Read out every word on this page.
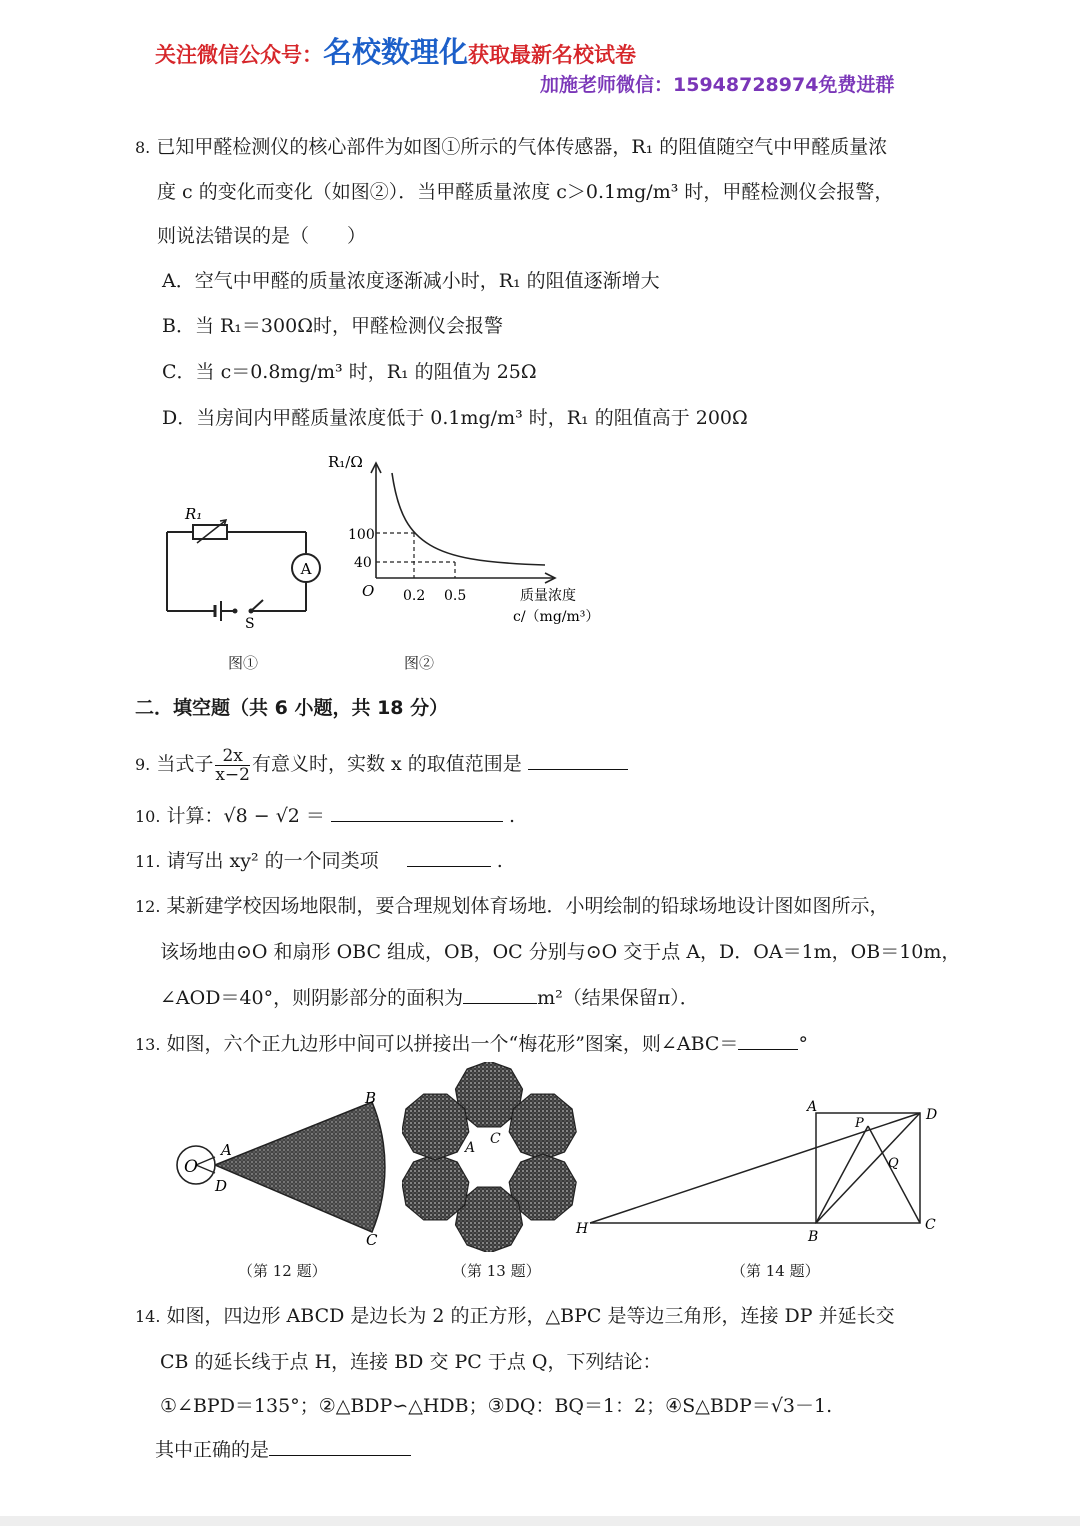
关注微信公众号：名校数理化获取最新名校试卷
加施老师微信：15948728974免费进群
8. 已知甲醛检测仪的核心部件为如图①所示的气体传感器，R₁ 的阻值随空气中甲醛质量浓
度 c 的变化而变化（如图②）．当甲醛质量浓度 c＞0.1mg/m³ 时，甲醛检测仪会报警，
则说法错误的是（　　）
A．空气中甲醛的质量浓度逐渐减小时，R₁ 的阻值逐渐增大
B．当 R₁＝300Ω时，甲醛检测仪会报警
C．当 c＝0.8mg/m³ 时，R₁ 的阻值为 25Ω
D．当房间内甲醛质量浓度低于 0.1mg/m³ 时，R₁ 的阻值高于 200Ω
A
R₁
S
图①
R₁/Ω
100
40
O 0.2 0.5	质量浓度
c/（mg/m³）
图②
二．填空题（共 6 小题，共 18 分）
9. 当式子 $\frac{2x}{x-2}$ 有意义时，实数 x 的取值范围是
10. 计算：√8 − √2 ＝	.
11. 请写出 xy² 的一个同类项	.
12. 某新建学校因场地限制，要合理规划体育场地．小明绘制的铅球场地设计图如图所示，
该场地由⊙O 和扇形 OBC 组成，OB，OC 分别与⊙O 交于点 A，D．OA＝1m，OB＝10m，
∠AOD＝40°，则阴影部分的面积为	m²（结果保留π）．
13. 如图，六个正九边形中间可以拼接出一个“梅花形”图案，则∠ABC＝	°
O
A
D
B
C
（第 12 题）
C
A
（第 13 题）
A	D
P
Q
H	B
C
（第 14 题）
14. 如图，四边形 ABCD 是边长为 2 的正方形，△BPC 是等边三角形，连接 DP 并延长交
CB 的延长线于点 H，连接 BD 交 PC 于点 Q，下列结论：
①∠BPD＝135°；②△BDP∽△HDB；③DQ：BQ＝1：2；④S△BDP＝√3－1.
其中正确的是
